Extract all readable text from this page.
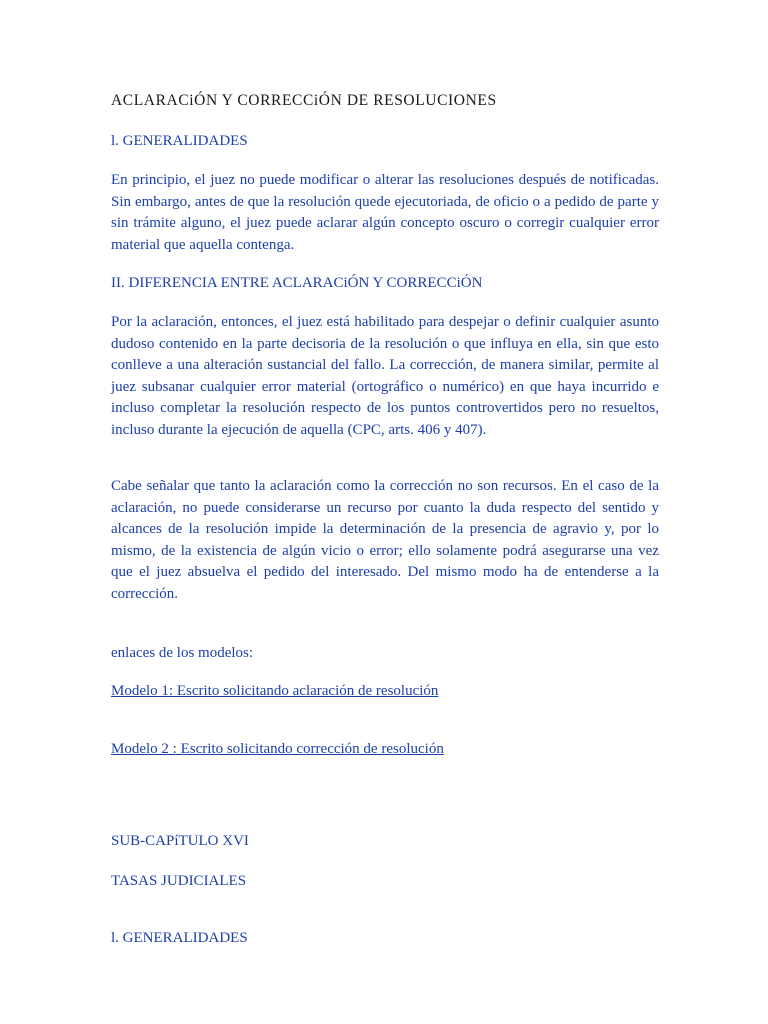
ACLARACiÓN Y CORRECCiÓN DE RESOLUCIONES
l. GENERALIDADES

En principio, el juez no puede modificar o alterar las resoluciones después de notificadas. Sin embargo, antes de que la resolución quede ejecutoriada, de oficio o a pedido de parte y sin trámite alguno, el juez puede aclarar algún concepto oscuro o corregir cualquier error material que aquella contenga.

II. DIFERENCIA ENTRE ACLARACiÓN Y CORRECCiÓN

Por la aclaración, entonces, el juez está habilitado para despejar o definir cualquier asunto dudoso contenido en la parte decisoria de la resolución o que influya en ella, sin que esto conlleve a una alteración sustancial del fallo. La corrección, de manera similar, permite al juez subsanar cualquier error material (ortográfico o numérico) en que haya incurrido e incluso completar la resolución respecto de los puntos controvertidos pero no resueltos, incluso durante la ejecución de aquella (CPC, arts. 406 y 407).

Cabe señalar que tanto la aclaración como la corrección no son recursos. En el caso de la aclaración, no puede considerarse un recurso por cuanto la duda respecto del sentido y alcances de la resolución impide la determinación de la presencia de agravio y, por lo mismo, de la existencia de algún vicio o error; ello solamente podrá asegurarse una vez que el juez absuelva el pedido del interesado. Del mismo modo ha de entenderse a la corrección.

enlaces de los modelos:

Modelo 1: Escrito solicitando aclaración de resolución
Modelo 2 : Escrito solicitando corrección de resolución
SUB-CAPíTULO XVI
TASAS JUDICIALES
l. GENERALIDADES
